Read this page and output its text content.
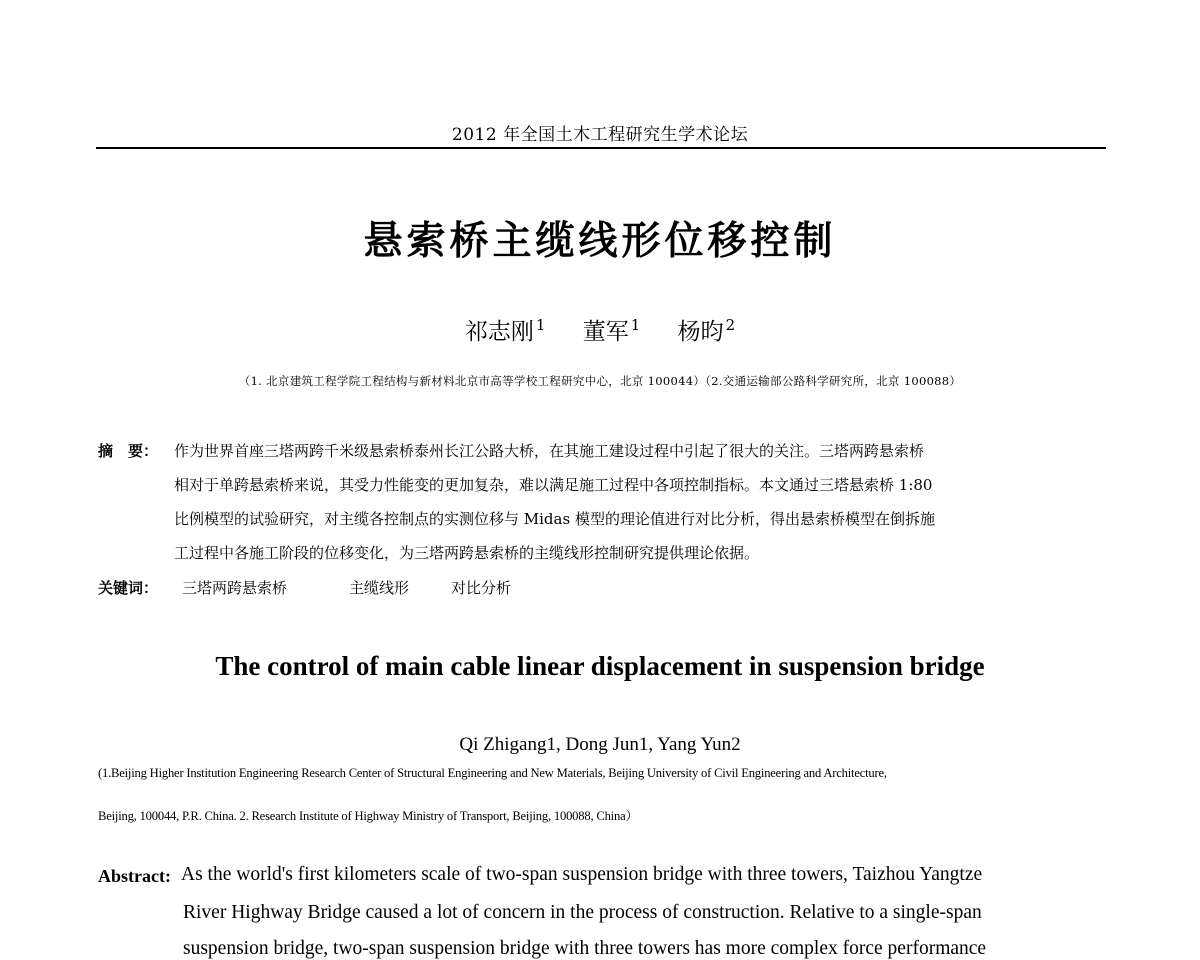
2012 年全国土木工程研究生学术论坛
悬索桥主缆线形位移控制
祁志刚 $^1$ 董军 $^1$ 杨昀 $^2$
（1. 北京建筑工程学院工程结构与新材料北京市高等学校工程研究中心，北京 100044）（2.交通运输部公路科学研究所，北京 100088）
摘　要： 作为世界首座三塔两跨千米级悬索桥泰州长江公路大桥，在其施工建设过程中引起了很大的关注。三塔两跨悬索桥
相对于单跨悬索桥来说，其受力性能变的更加复杂，难以满足施工过程中各项控制指标。本文通过三塔悬索桥 1:80
比例模型的试验研究，对主缆各控制点的实测位移与 Midas 模型的理论值进行对比分析，得出悬索桥模型在倒拆施
工过程中各施工阶段的位移变化，为三塔两跨悬索桥的主缆线形控制研究提供理论依据。
关键词： 三塔两跨悬索桥	主缆线形	对比分析
The control of main cable linear displacement in suspension bridge
Qi Zhigang1, Dong Jun1, Yang Yun2
(1.Beijing Higher Institution Engineering Research Center of Structural Engineering and New Materials, Beijing University of Civil Engineering and Architecture,
Beijing, 100044, P.R. China. 2. Research Institute of Highway Ministry of Transport, Beijing, 100088, China）
Abstract: As the world's first kilometers scale of two-span suspension bridge with three towers, Taizhou Yangtze
River Highway Bridge caused a lot of concern in the process of construction. Relative to a single-span
suspension bridge, two-span suspension bridge with three towers has more complex force performance
